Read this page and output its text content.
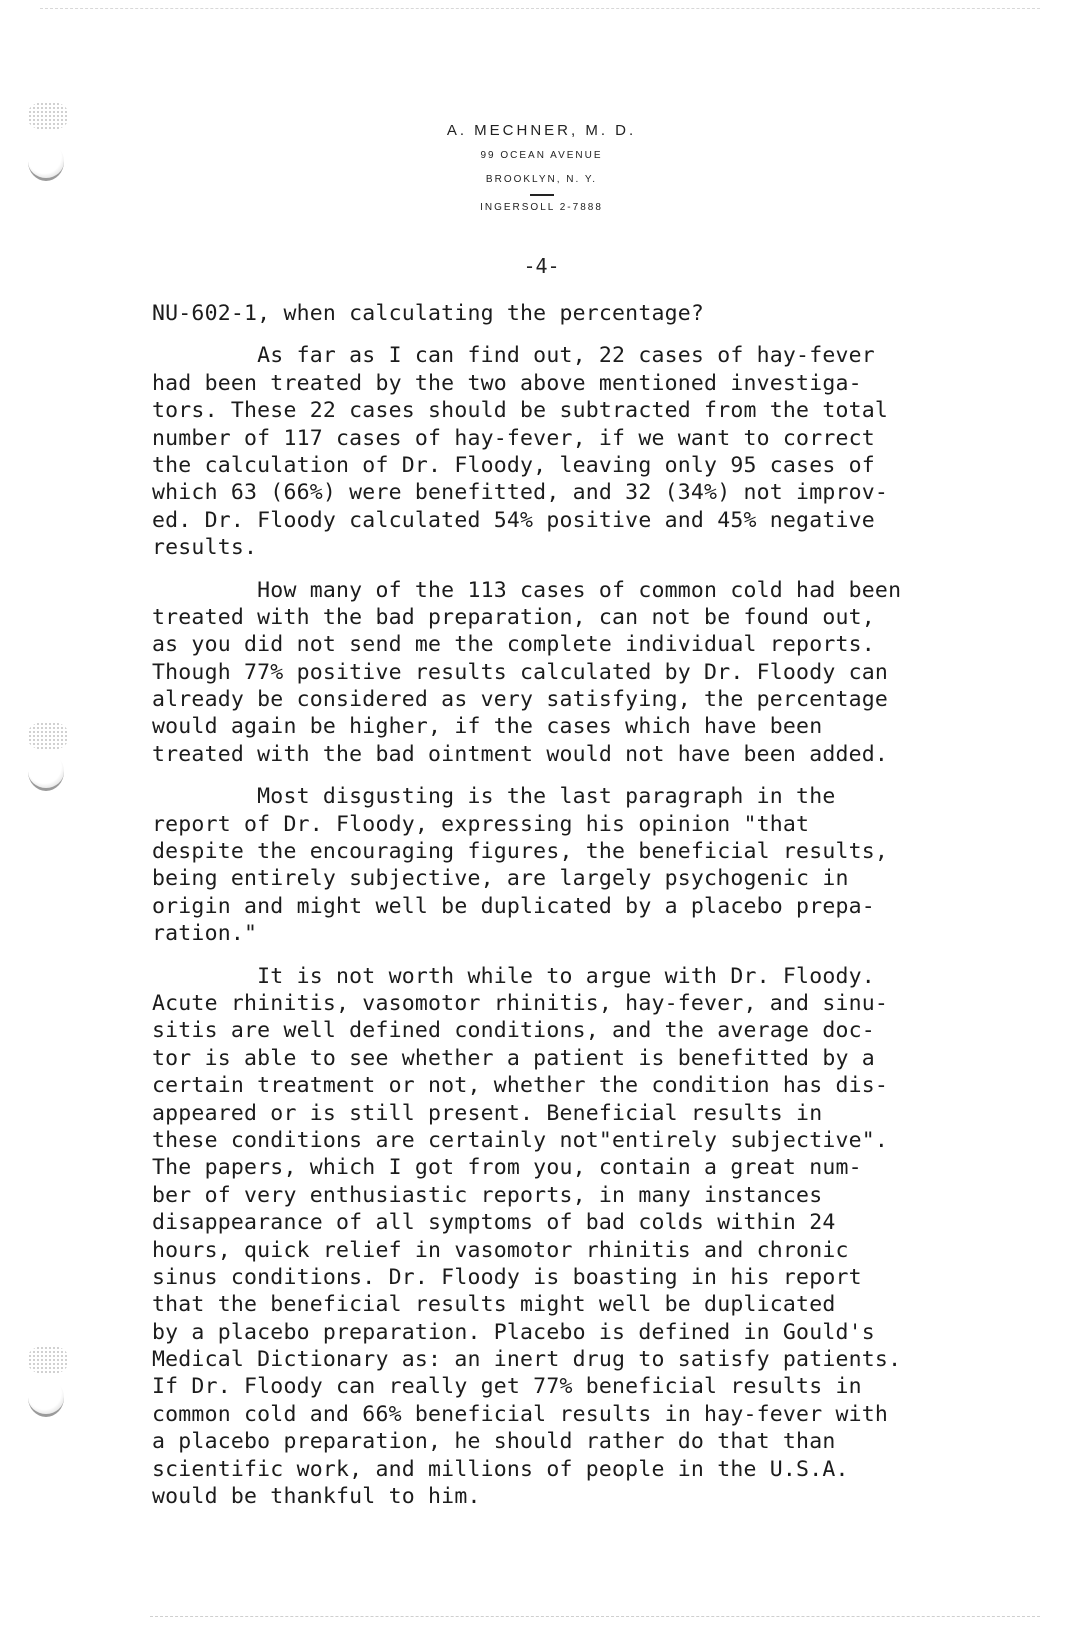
A. MECHNER, M. D.
99 OCEAN AVENUE
BROOKLYN, N. Y.
INGERSOLL 2-7888
-4-
NU-602-1, when calculating the percentage?
As far as I can find out, 22 cases of hay-fever
had been treated by the two above mentioned investiga-
tors. These 22 cases should be subtracted from the total
number of 117 cases of hay-fever, if we want to correct
the calculation of Dr. Floody, leaving only 95 cases of
which 63 (66%) were benefitted, and 32 (34%) not improv-
ed. Dr. Floody calculated 54% positive and 45% negative
results.
How many of the 113 cases of common cold had been
treated with the bad preparation, can not be found out,
as you did not send me the complete individual reports.
Though 77% positive results calculated by Dr. Floody can
already be considered as very satisfying, the percentage
would again be higher, if the cases which have been
treated with the bad ointment would not have been added.
Most disgusting is the last paragraph in the
report of Dr. Floody, expressing his opinion "that
despite the encouraging figures, the beneficial results,
being entirely subjective, are largely psychogenic in
origin and might well be duplicated by a placebo prepa-
ration."
It is not worth while to argue with Dr. Floody.
Acute rhinitis, vasomotor rhinitis, hay-fever, and sinu-
sitis are well defined conditions, and the average doc-
tor is able to see whether a patient is benefitted by a
certain treatment or not, whether the condition has dis-
appeared or is still present. Beneficial results in
these conditions are certainly not"entirely subjective".
The papers, which I got from you, contain a great num-
ber of very enthusiastic reports, in many instances
disappearance of all symptoms of bad colds within 24
hours, quick relief in vasomotor rhinitis and chronic
sinus conditions. Dr. Floody is boasting in his report
that the beneficial results might well be duplicated
by a placebo preparation. Placebo is defined in Gould's
Medical Dictionary as: an inert drug to satisfy patients.
If Dr. Floody can really get 77% beneficial results in
common cold and 66% beneficial results in hay-fever with
a placebo preparation, he should rather do that than
scientific work, and millions of people in the U.S.A.
would be thankful to him.
